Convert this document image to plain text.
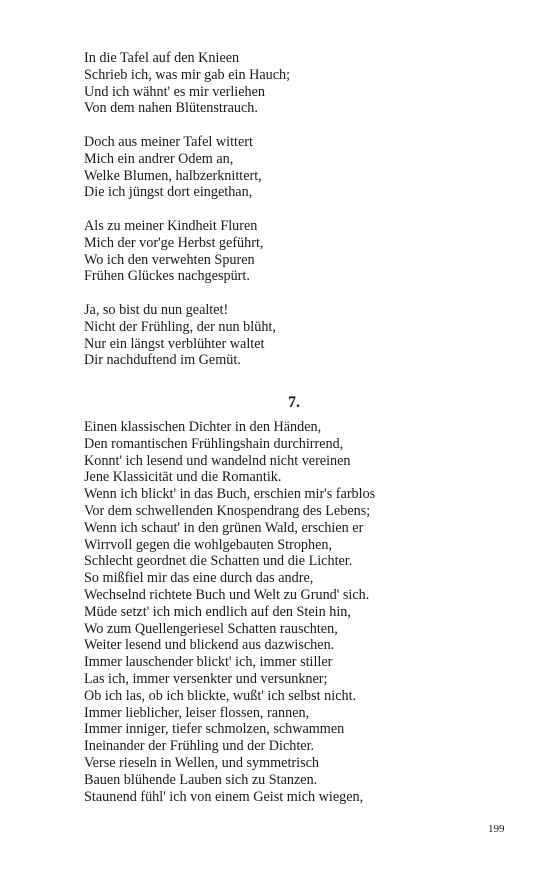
In die Tafel auf den Knieen
Schrieb ich, was mir gab ein Hauch;
Und ich wähnt' es mir verliehen
Von dem nahen Blütenstrauch.
Doch aus meiner Tafel wittert
Mich ein andrer Odem an,
Welke Blumen, halbzerknittert,
Die ich jüngst dort eingethan,
Als zu meiner Kindheit Fluren
Mich der vor'ge Herbst geführt,
Wo ich den verwehten Spuren
Frühen Glückes nachgespürt.
Ja, so bist du nun gealtet!
Nicht der Frühling, der nun blüht,
Nur ein längst verblühter waltet
Dir nachduftend im Gemüt.
7.
Einen klassischen Dichter in den Händen,
Den romantischen Frühlingshain durchirrend,
Konnt' ich lesend und wandelnd nicht vereinen
Jene Klassicität und die Romantik.
Wenn ich blickt' in das Buch, erschien mir's farblos
Vor dem schwellenden Knospendrang des Lebens;
Wenn ich schaut' in den grünen Wald, erschien er
Wirrvoll gegen die wohlgebauten Strophen,
Schlecht geordnet die Schatten und die Lichter.
So mißfiel mir das eine durch das andre,
Wechselnd richtete Buch und Welt zu Grund' sich.
Müde setzt' ich mich endlich auf den Stein hin,
Wo zum Quellengeriesel Schatten rauschten,
Weiter lesend und blickend aus dazwischen.
Immer lauschender blickt' ich, immer stiller
Las ich, immer versenkter und versunkner;
Ob ich las, ob ich blickte, wußt' ich selbst nicht.
Immer lieblicher, leiser flossen, rannen,
Immer inniger, tiefer schmolzen, schwammen
Ineinander der Frühling und der Dichter.
Verse rieseln in Wellen, und symmetrisch
Bauen blühende Lauben sich zu Stanzen.
Staunend fühl' ich von einem Geist mich wiegen,
199
